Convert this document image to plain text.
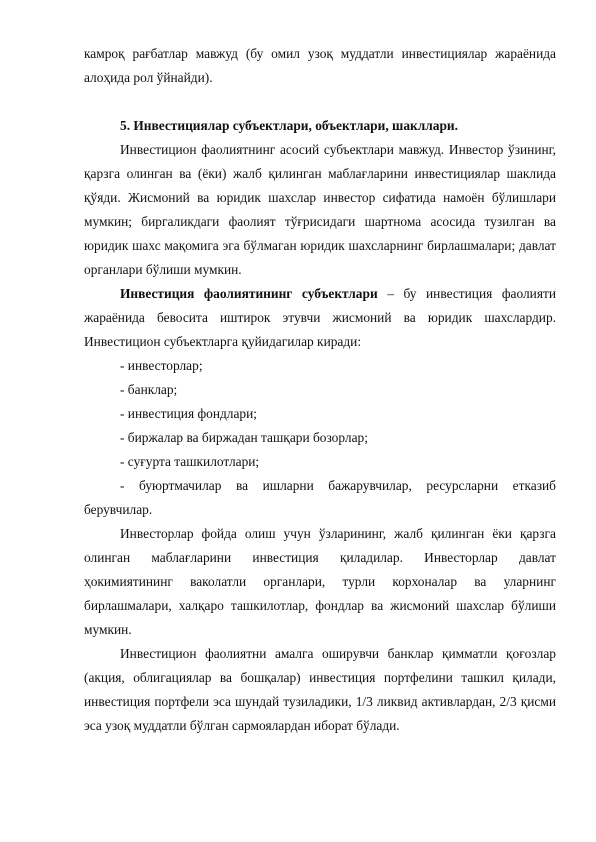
камроқ рағбатлар мавжуд (бу омил узоқ муддатли инвестициялар жараёнида алоҳида рол ўйнайди).

5. Инвестициялар субъектлари, объектлари, шакллари.

Инвестицион фаолиятнинг асосий субъектлари мавжуд. Инвестор ўзининг, қарзга олинган ва (ёки) жалб қилинган маблағларини инвестициялар шаклида қўяди. Жисмоний ва юридик шахслар инвестор сифатида намоён бўлишлари мумкин; биргаликдаги фаолият тўғрисидаги шартнома асосида тузилган ва юридик шахс мақомига эга бўлмаган юридик шахсларнинг бирлашмалари; давлат органлари бўлиши мумкин.

Инвестиция фаолиятининг субъектлари – бу инвестиция фаолияти жараёнида бевосита иштирок этувчи жисмоний ва юридик шахслардир. Инвестицион субъектларга қуйидагилар киради:

- инвесторлар;

- банклар;

- инвестиция фондлари;

- биржалар ва биржадан ташқари бозорлар;

- суғурта ташкилотлари;

- буюртмачилар ва ишларни бажарувчилар, ресурсларни етказиб берувчилар.

Инвесторлар фойда олиш учун ўзларининг, жалб қилинган ёки қарзга олинган маблағларини инвестиция қиладилар. Инвесторлар давлат ҳокимиятининг ваколатли органлари, турли корхоналар ва уларнинг бирлашмалари, халқаро ташкилотлар, фондлар ва жисмоний шахслар бўлиши мумкин.

Инвестицион фаолиятни амалга оширувчи банклар қимматли қоғозлар (акция, облигациялар ва бошқалар) инвестиция портфелини ташкил қилади, инвестиция портфели эса шундай тузиладики, 1/3 ликвид активлардан, 2/3 қисми эса узоқ муддатли бўлган сармоялардан иборат бўлади.
